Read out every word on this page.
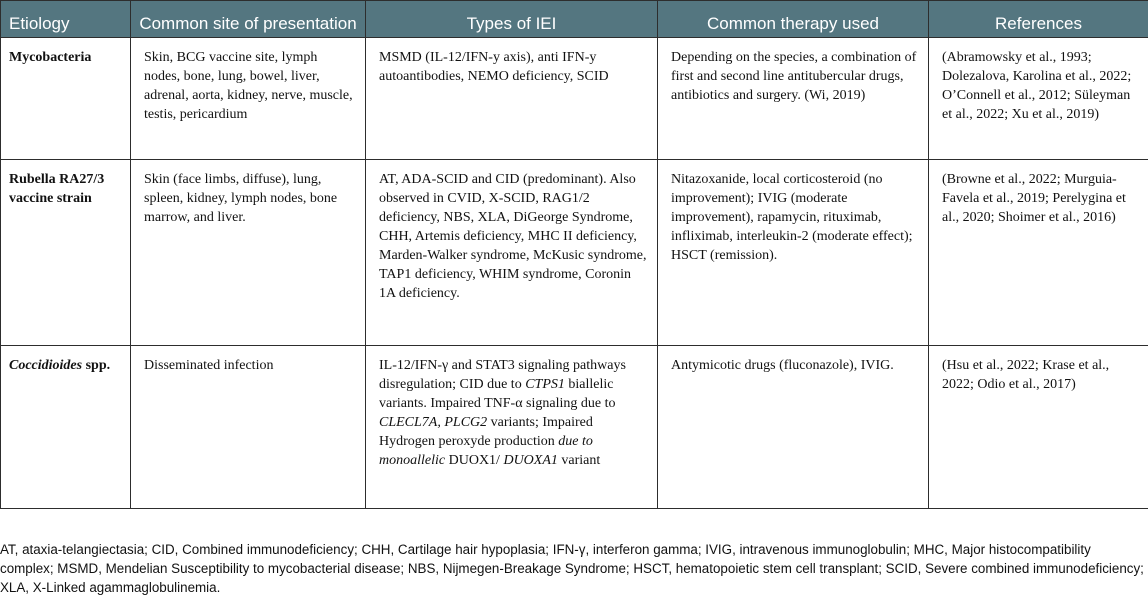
Etiology	Common site of presentation	Types of IEI	Common therapy used	References
Mycobacteria	Skin, BCG vaccine site, lymph nodes, bone, lung, bowel, liver, adrenal, aorta, kidney, nerve, muscle, testis, pericardium	MSMD (IL-12/IFN-y axis), anti IFN-y autoantibodies, NEMO deficiency, SCID	Depending on the species, a combination of first and second line antitubercular drugs, antibiotics and surgery. (Wi, 2019)	(Abramowsky et al., 1993; Dolezalova, Karolina et al., 2022; O’Connell et al., 2012; Süleyman et al., 2022; Xu et al., 2019)
Rubella RA27/3 vaccine strain	Skin (face limbs, diffuse), lung, spleen, kidney, lymph nodes, bone marrow, and liver.	AT, ADA-SCID and CID (predominant). Also observed in CVID, X-SCID, RAG1/2 deficiency, NBS, XLA, DiGeorge Syndrome, CHH, Artemis deficiency, MHC II deficiency, Marden-Walker syndrome, McKusic syndrome, TAP1 deficiency, WHIM syndrome, Coronin 1A deficiency.	Nitazoxanide, local corticosteroid (no improvement); IVIG (moderate improvement), rapamycin, rituximab, infliximab, interleukin-2 (moderate effect); HSCT (remission).	(Browne et al., 2022; Murguia-Favela et al., 2019; Perelygina et al., 2020; Shoimer et al., 2016)
Coccidioides spp.	Disseminated infection	IL-12/IFN-γ and STAT3 signaling pathways disregulation; CID due to CTPS1 biallelic variants. Impaired TNF-α signaling due to CLECL7A, PLCG2 variants; Impaired Hydrogen peroxyde production due to monoallelic DUOX1/ DUOXA1 variant	Antymicotic drugs (fluconazole), IVIG.	(Hsu et al., 2022; Krase et al., 2022; Odio et al., 2017)
AT, ataxia-telangiectasia; CID, Combined immunodeficiency; CHH, Cartilage hair hypoplasia; IFN-γ, interferon gamma; IVIG, intravenous immunoglobulin; MHC, Major histocompatibility complex; MSMD, Mendelian Susceptibility to mycobacterial disease; NBS, Nijmegen-Breakage Syndrome; HSCT, hematopoietic stem cell transplant; SCID, Severe combined immunodeficiency; XLA, X-Linked agammaglobulinemia.
